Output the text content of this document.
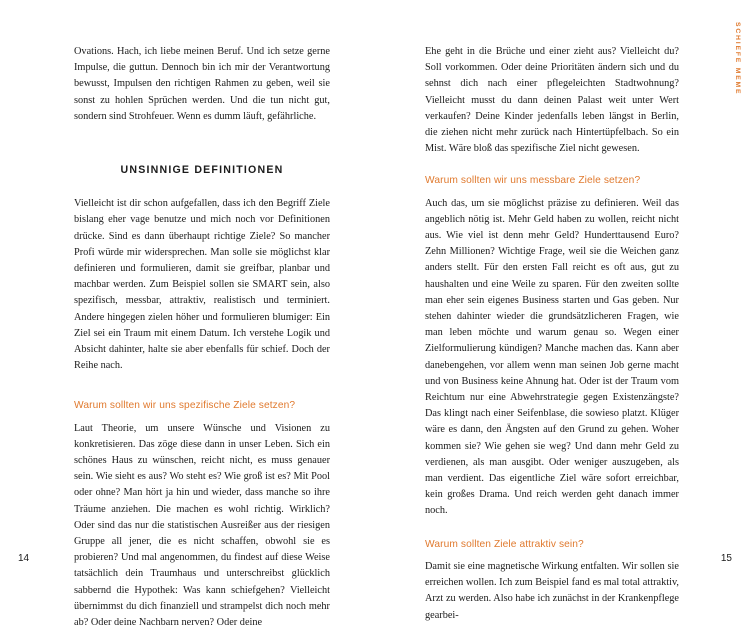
Ovations. Hach, ich liebe meinen Beruf. Und ich setze gerne Impulse, die guttun. Dennoch bin ich mir der Verantwortung bewusst, Impulsen den richtigen Rahmen zu geben, weil sie sonst zu hohlen Sprüchen werden. Und die tun nicht gut, sondern sind Strohfeuer. Wenn es dumm läuft, gefährliche.

UNSINNIGE DEFINITIONEN

Vielleicht ist dir schon aufgefallen, dass ich den Begriff Ziele bislang eher vage benutze und mich noch vor Definitionen drücke. Sind es dann überhaupt richtige Ziele? So mancher Profi würde mir widersprechen. Man solle sie möglichst klar definieren und formulieren, damit sie greifbar, planbar und machbar werden. Zum Beispiel sollen sie SMART sein, also spezifisch, messbar, attraktiv, realistisch und terminiert. Andere hingegen zielen höher und formulieren blumiger: Ein Ziel sei ein Traum mit einem Datum. Ich verstehe Logik und Absicht dahinter, halte sie aber ebenfalls für schief. Doch der Reihe nach.

Warum sollten wir uns spezifische Ziele setzen?

Laut Theorie, um unsere Wünsche und Visionen zu konkretisieren. Das zöge diese dann in unser Leben. Sich ein schönes Haus zu wünschen, reicht nicht, es muss genauer sein. Wie sieht es aus? Wo steht es? Wie groß ist es? Mit Pool oder ohne? Man hört ja hin und wieder, dass manche so ihre Träume anziehen. Die machen es wohl richtig. Wirklich? Oder sind das nur die statistischen Ausreißer aus der riesigen Gruppe all jener, die es nicht schaffen, obwohl sie es probieren? Und mal angenommen, du findest auf diese Weise tatsächlich dein Traumhaus und unterschreibst glücklich sabbernd die Hypothek: Was kann schiefgehen? Vielleicht übernimmst du dich finanziell und strampelst dich noch mehr ab? Oder deine Nachbarn nerven? Oder deine

14

Ehe geht in die Brüche und einer zieht aus? Vielleicht du? Soll vorkommen. Oder deine Prioritäten ändern sich und du sehnst dich nach einer pflegeleichten Stadtwohnung? Vielleicht musst du dann deinen Palast weit unter Wert verkaufen? Deine Kinder jedenfalls leben längst in Berlin, die ziehen nicht mehr zurück nach Hintertüpfelbach. So ein Mist. Wäre bloß das spezifische Ziel nicht gewesen.

Warum sollten wir uns messbare Ziele setzen?

Auch das, um sie möglichst präzise zu definieren. Weil das angeblich nötig ist. Mehr Geld haben zu wollen, reicht nicht aus. Wie viel ist denn mehr Geld? Hunderttausend Euro? Zehn Millionen? Wichtige Frage, weil sie die Weichen ganz anders stellt. Für den ersten Fall reicht es oft aus, gut zu haushalten und eine Weile zu sparen. Für den zweiten sollte man eher sein eigenes Business starten und Gas geben. Nur stehen dahinter wieder die grundsätzlicheren Fragen, wie man leben möchte und warum genau so. Wegen einer Zielformulierung kündigen? Manche machen das. Kann aber danebengehen, vor allem wenn man seinen Job gerne macht und von Business keine Ahnung hat. Oder ist der Traum vom Reichtum nur eine Abwehrstrategie gegen Existenzängste? Das klingt nach einer Seifenblase, die sowieso platzt. Klüger wäre es dann, den Ängsten auf den Grund zu gehen. Woher kommen sie? Wie gehen sie weg? Und dann mehr Geld zu verdienen, als man ausgibt. Oder weniger auszugeben, als man verdient. Das eigentliche Ziel wäre sofort erreichbar, kein großes Drama. Und reich werden geht danach immer noch.

Warum sollten Ziele attraktiv sein?

Damit sie eine magnetische Wirkung entfalten. Wir sollen sie erreichen wollen. Ich zum Beispiel fand es mal total attraktiv, Arzt zu werden. Also habe ich zunächst in der Krankenpflege gearbei-

SCHIEFE MEME
15
